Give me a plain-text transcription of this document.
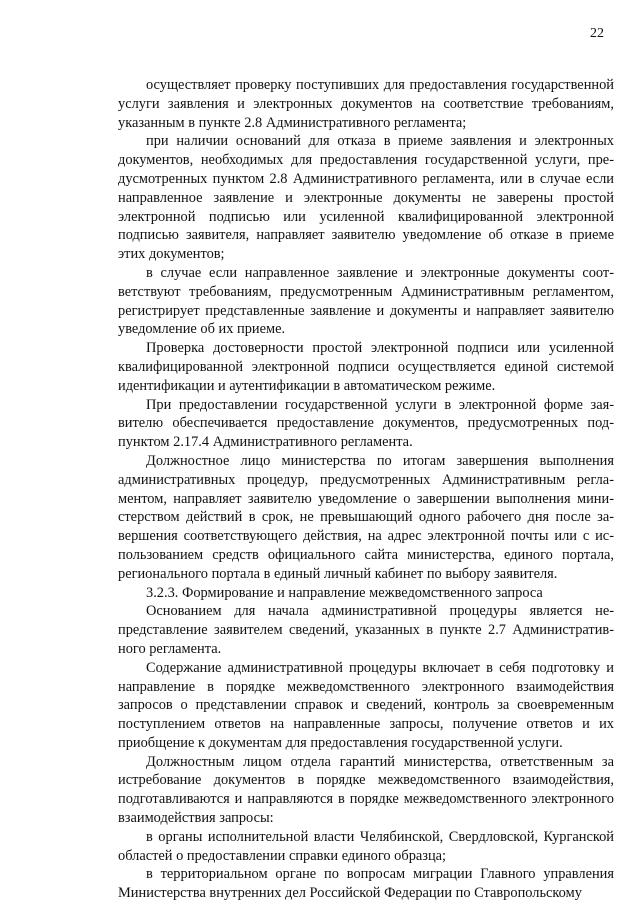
22

осуществляет проверку поступивших для предоставления государственной услуги заявления и электронных документов на соответствие требованиям, указанным в пункте 2.8 Административного регламента;

при наличии оснований для отказа в приеме заявления и электронных документов, необходимых для предоставления государственной услуги, предусмотренных пунктом 2.8 Административного регламента, или в случае если направленное заявление и электронные документы не заверены простой электронной подписью или усиленной квалифицированной электронной подписью заявителя, направляет заявителю уведомление об отказе в приеме этих документов;

в случае если направленное заявление и электронные документы соответствуют требованиям, предусмотренным Административным регламентом, регистрирует представленные заявление и документы и направляет заявителю уведомление об их приеме.

Проверка достоверности простой электронной подписи или усиленной квалифицированной электронной подписи осуществляется единой системой идентификации и аутентификации в автоматическом режиме.

При предоставлении государственной услуги в электронной форме заявителю обеспечивается предоставление документов, предусмотренных подпунктом 2.17.4 Административного регламента.

Должностное лицо министерства по итогам завершения выполнения административных процедур, предусмотренных Административным регламентом, направляет заявителю уведомление о завершении выполнения министерством действий в срок, не превышающий одного рабочего дня после завершения соответствующего действия, на адрес электронной почты или с использованием средств официального сайта министерства, единого портала, регионального портала в единый личный кабинет по выбору заявителя.

3.2.3. Формирование и направление межведомственного запроса

Основанием для начала административной процедуры является непредставление заявителем сведений, указанных в пункте 2.7 Административного регламента.

Содержание административной процедуры включает в себя подготовку и направление в порядке межведомственного электронного взаимодействия запросов о представлении справок и сведений, контроль за своевременным поступлением ответов на направленные запросы, получение ответов и их приобщение к документам для предоставления государственной услуги.

Должностным лицом отдела гарантий министерства, ответственным за истребование документов в порядке межведомственного взаимодействия, подготавливаются и направляются в порядке межведомственного электронного взаимодействия запросы:

в органы исполнительной власти Челябинской, Свердловской, Курганской областей о предоставлении справки единого образца;

в территориальном органе по вопросам миграции Главного управления Министерства внутренних дел Российской Федерации по Ставропольскому
